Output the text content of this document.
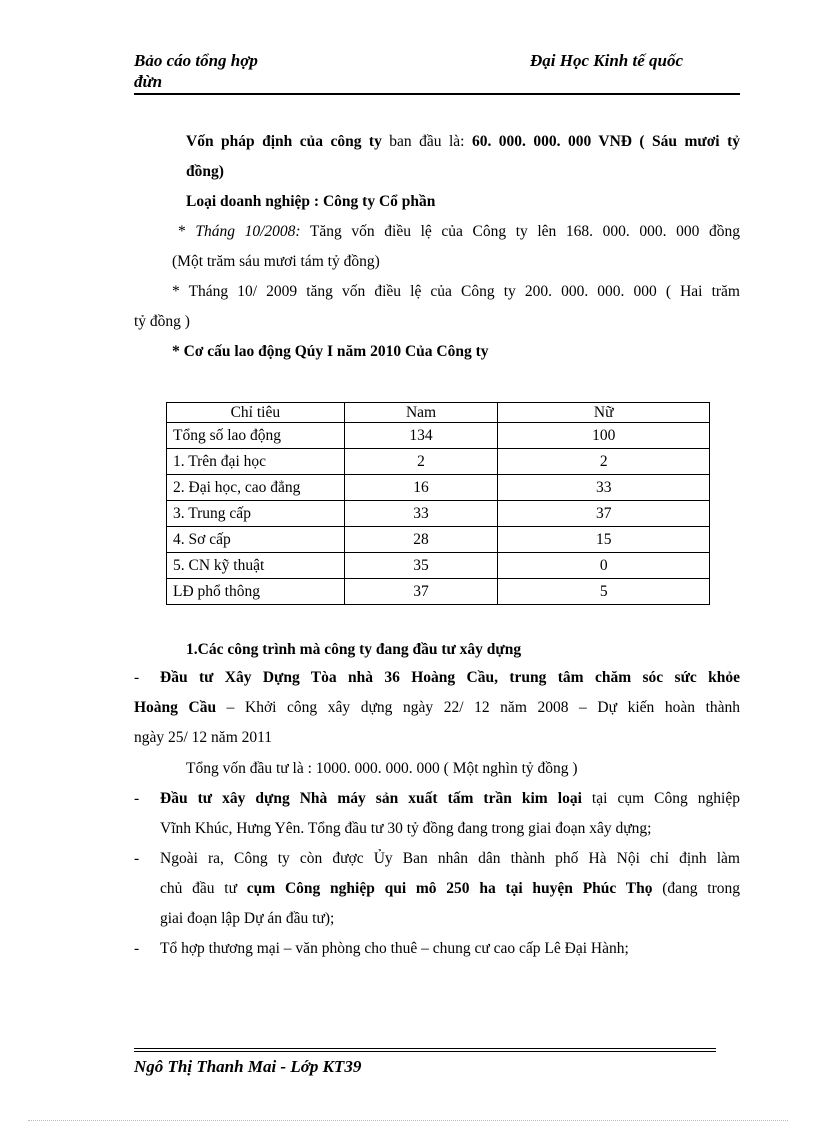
Bảo cáo tổng hợp
đừn
Đại Học Kinh tế quốc
Vốn pháp định của công ty ban đầu là: 60. 000. 000. 000 VNĐ ( Sáu mươi tỷ
đồng)
Loại doanh nghiệp : Công ty Cổ phần
* Tháng 10/2008: Tăng vốn điều lệ của Công ty lên 168. 000. 000. 000 đồng
(Một trăm sáu mươi tám tỷ đồng)
* Tháng 10/ 2009 tăng vốn điều lệ của Công ty 200. 000. 000. 000 ( Hai trăm
tỷ đồng )
* Cơ cấu lao động Qúy I năm 2010 Của Công ty
Chỉ tiêu	Nam	Nữ
Tổng số lao động	134	100
1. Trên đại học	2	2
2. Đại học, cao đẳng	16	33
3. Trung cấp	33	37
4. Sơ cấp	28	15
5. CN kỹ thuật	35	0
LĐ phổ thông	37	5
1.Các công trình mà công ty đang đầu tư xây dựng
- Đầu tư Xây Dựng Tòa nhà 36 Hoàng Cầu, trung tâm chăm sóc sức khỏe
Hoàng Cầu – Khởi công xây dựng ngày 22/ 12 năm 2008 – Dự kiến hoàn thành
ngày 25/ 12 năm 2011
Tổng vốn đầu tư là : 1000. 000. 000. 000 ( Một nghìn tỷ đồng )
- Đầu tư xây dựng Nhà máy sản xuất tấm trần kim loại tại cụm Công nghiệp
Vĩnh Khúc, Hưng Yên. Tổng đầu tư 30 tỷ đồng đang trong giai đoạn xây dựng;
- Ngoài ra, Công ty còn được Ủy Ban nhân dân thành phố Hà Nội chỉ định làm
chủ đầu tư cụm Công nghiệp qui mô 250 ha tại huyện Phúc Thọ (đang trong
giai đoạn lập Dự án đầu tư);
- Tổ hợp thương mại – văn phòng cho thuê – chung cư cao cấp Lê Đại Hành;
Ngô Thị Thanh Mai - Lớp KT39
